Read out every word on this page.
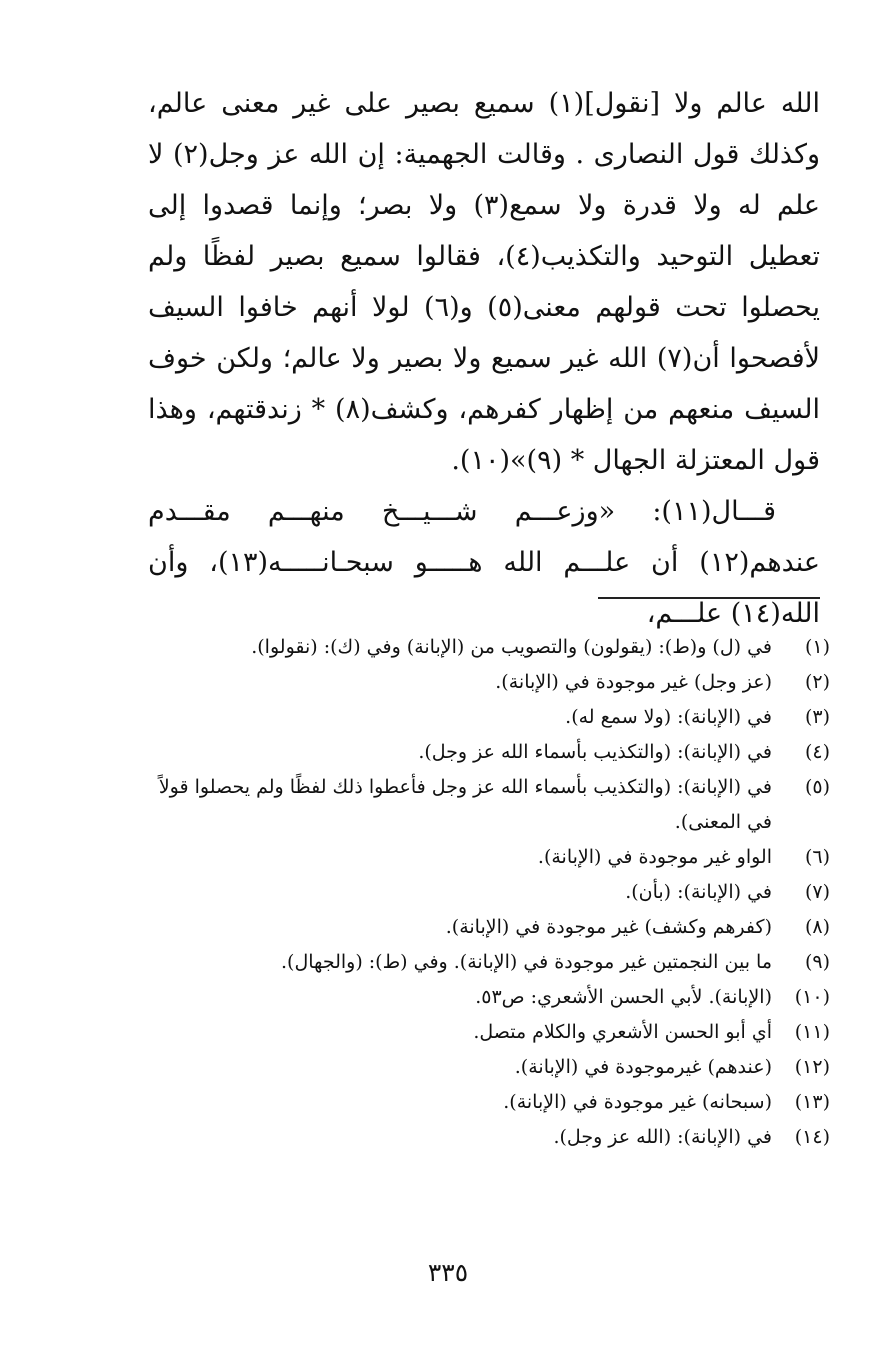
الله عالم ولا [نقول](١) سميع بصير على غير معنى عالم، وكذلك قول النصارى . وقالت الجهمية: إن الله عز وجل(٢) لا علم له ولا قدرة ولا سمع(٣) ولا بصر؛ وإنما قصدوا إلى تعطيل التوحيد والتكذيب(٤)، فقالوا سميع بصير لفظًا ولم يحصلوا تحت قولهم معنى(٥) و(٦) لولا أنهم خافوا السيف لأفصحوا أن(٧) الله غير سميع ولا بصير ولا عالم؛ ولكن خوف السيف منعهم من إظهار كفرهم، وكشف(٨) * زندقتهم، وهذا قول المعتزلة الجهال * (٩)»(١٠).

قـــال(١١): «وزعـــم شـــيـــخ منهـــم مقـــدم عندهم(١٢) أن علـــم الله هـــــو سبحـانـــــه(١٣)، وأن الله(١٤) علـــم،

(١)
في (ل) و(ط): (يقولون) والتصويب من (الإبانة) وفي (ك): (نقولوا).
(٢)
(عز وجل) غير موجودة في (الإبانة).
(٣)
في (الإبانة): (ولا سمع له).
(٤)
في (الإبانة): (والتكذيب بأسماء الله عز وجل).
(٥)
في (الإبانة): (والتكذيب بأسماء الله عز وجل فأعطوا ذلك لفظًا ولم يحصلوا قولاً في المعنى).
(٦)
الواو غير موجودة في (الإبانة).
(٧)
في (الإبانة): (بأن).
(٨)
(كفرهم وكشف) غير موجودة في (الإبانة).
(٩)
ما بين النجمتين غير موجودة في (الإبانة). وفي (ط): (والجهال).
(١٠)
(الإبانة). لأبي الحسن الأشعري: ص٥٣.
(١١)
أي أبو الحسن الأشعري والكلام متصل.
(١٢)
(عندهم) غيرموجودة في (الإبانة).
(١٣)
(سبحانه) غير موجودة في (الإبانة).
(١٤)
في (الإبانة): (الله عز وجل).
٣٣٥
